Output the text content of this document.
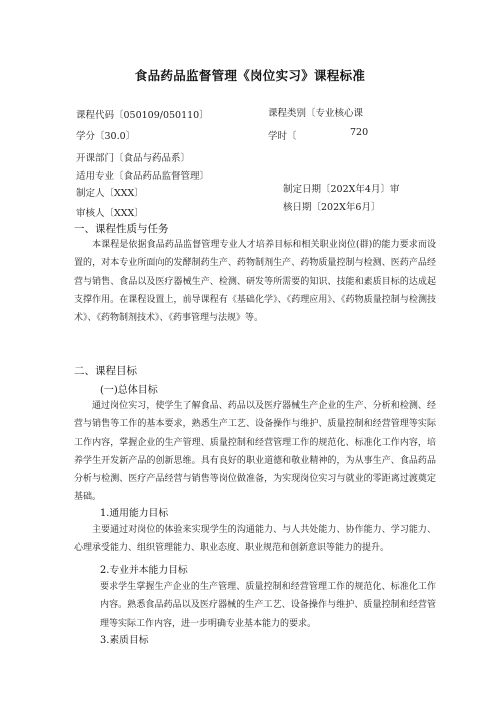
食品药品监督管理《岗位实习》课程标准
课程代码〔050109/050110〕	课程类别〔专业核心课
学分〔30.0〕	学时〔	720
开课部门〔食品与药品系〕
适用专业〔食品药品监督管理〕
制定人〔XXX〕	制定日期〔202X年4月〕审
审核人〔XXX〕
核日期〔202X年6月〕
一、课程性质与任务

本课程是依据食品药品监督管理专业人才培养目标和相关职业岗位(群)的能力要求而设置的，对本专业所面向的发酵制药生产、药物制剂生产、药物质量控制与检测、医药产品经营与销售、食品以及医疗器械生产、检测、研发等所需要的知识、技能和素质目标的达成起支撑作用。在课程设置上，前导课程有《基础化学》、《药理应用》、《药物质量控制与检测技术》、《药物制剂技术》、《药事管理与法规》等。

二、课程目标
(一)总体目标

通过岗位实习，使学生了解食品、药品以及医疗器械生产企业的生产、分析和检测、经营与销售等工作的基本要求，熟悉生产工艺、设备操作与维护、质量控制和经营管理等实际工作内容，掌握企业的生产管理、质量控制和经营管理工作的规范化、标准化工作内容，培养学生开发新产品的创新思维。具有良好的职业道德和敬业精神的，为从事生产、食品药品分析与检测、医疗产品经营与销售等岗位做准备，为实现岗位实习与就业的零距离过渡奠定基础。

1.通用能力目标

主要通过对岗位的体验来实现学生的沟通能力、与人共处能力、协作能力、学习能力、心理承受能力、组织管理能力、职业态度、职业规范和创新意识等能力的提升。

2.专业并本能力目标

要求学生掌握生产企业的生产管理、质量控制和经营管理工作的规范化、标准化工作内容。熟悉食品药品以及医疗器械的生产工艺、设备操作与维护、质量控制和经营管理等实际工作内容，进一步明确专业基本能力的要求。

3.素质目标
